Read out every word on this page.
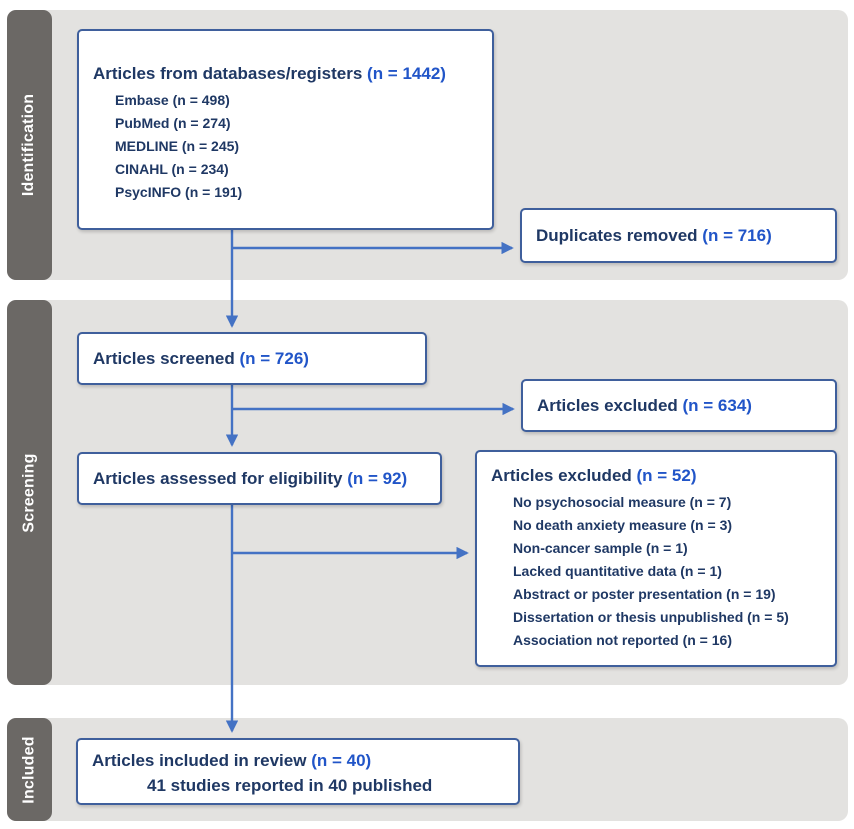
Identification
Screening
Included
Articles from databases/registers (n = 1442)
Embase (n = 498)
PubMed (n = 274)
MEDLINE (n = 245)
CINAHL (n = 234)
PsycINFO (n = 191)
Duplicates removed (n = 716)
Articles screened (n = 726)
Articles excluded (n = 634)
Articles assessed for eligibility (n = 92)	Articles excluded (n = 52)
No psychosocial measure (n = 7)
No death anxiety measure (n = 3)
Non-cancer sample (n = 1)
Lacked quantitative data (n = 1)
Abstract or poster presentation (n = 19)
Dissertation or thesis unpublished (n = 5)
Association not reported (n = 16)
Articles included in review (n = 40)
41 studies reported in 40 published
